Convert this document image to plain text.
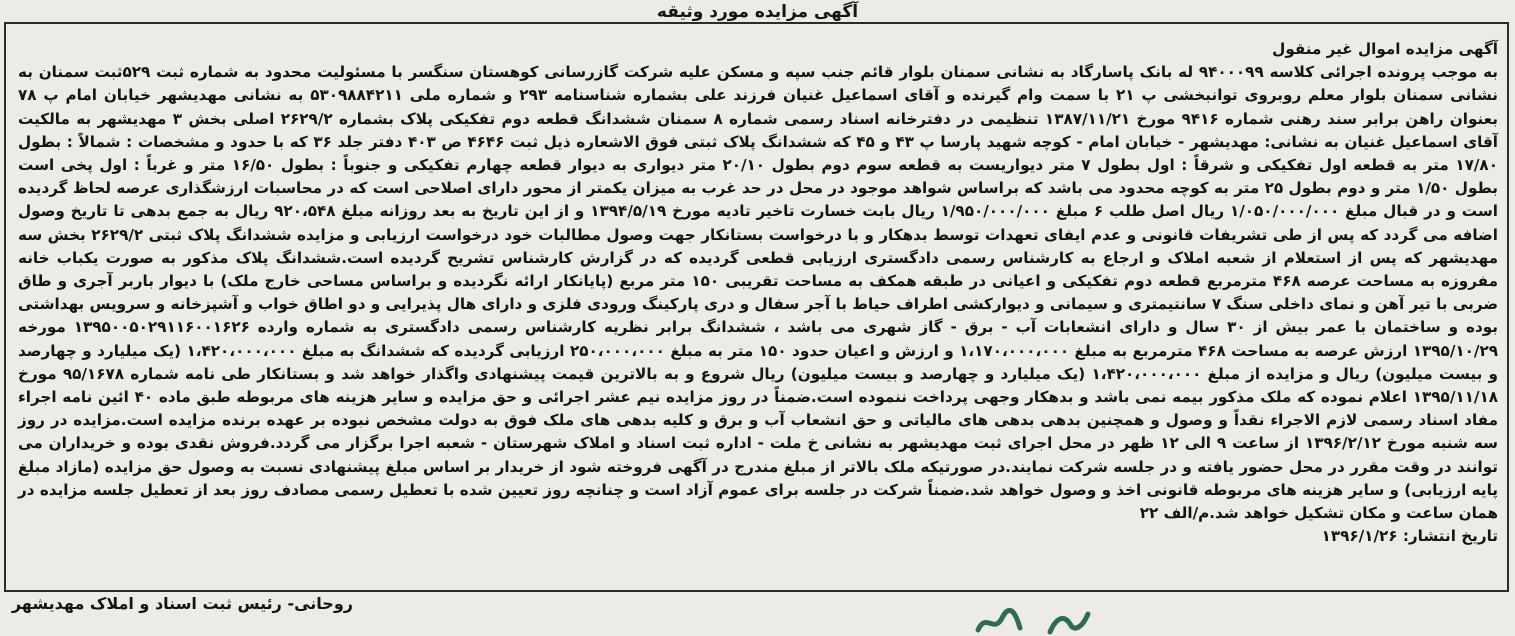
آگهی مزایده مورد وثیقه

آگهی مزایده اموال غیر منقول

به موجب پرونده اجرائی کلاسه ۹۴۰۰۰۹۹ له بانک پاسارگاد به نشانی سمنان بلوار قائم جنب سپه و مسکن علیه شرکت گازرسانی کوهستان سنگسر با مسئولیت محدود به شماره ثبت ۵۲۹ثبت سمنان به نشانی سمنان بلوار معلم روبروی توانبخشی پ ۲۱ با سمت وام گیرنده و آقای اسماعیل غنیان فرزند علی بشماره شناسنامه ۲۹۳ و شماره ملی ۵۳۰۹۸۸۴۲۱۱ به نشانی مهدیشهر خیابان امام پ ۷۸ بعنوان راهن برابر سند رهنی شماره ۹۴۱۶ مورخ ۱۳۸۷/۱۱/۲۱ تنظیمی در دفترخانه اسناد رسمی شماره ۸ سمنان ششدانگ قطعه دوم تفکیکی پلاک بشماره ۲۶۲۹/۲ اصلی بخش ۳ مهدیشهر به مالکیت آقای اسماعیل غنیان به نشانی: مهدیشهر - خیابان امام - کوچه شهید پارسا پ ۴۳ و ۴۵ که ششدانگ پلاک ثبتی فوق الاشعاره ذیل ثبت ۴۶۴۶ ص ۴۰۳ دفتر جلد ۳۶ که با حدود و مشخصات : شمالاً : بطول ۱۷/۸۰ متر به قطعه اول تفکیکی و شرقاً : اول بطول ۷ متر دیواریست به قطعه سوم دوم بطول ۲۰/۱۰ متر دیواری به دیوار قطعه چهارم تفکیکی و جنوباً : بطول ۱۶/۵۰ متر و غرباً : اول پخی است بطول ۱/۵۰ متر و دوم بطول ۲۵ متر به کوچه محدود می باشد که براساس شواهد موجود در محل در حد غرب به میزان یکمتر از محور دارای اصلاحی است که در محاسبات ارزشگذاری عرصه لحاظ گردیده است و در قبال مبلغ ۱/۰۵۰/۰۰۰/۰۰۰ ریال اصل طلب ۶ مبلغ ۱/۹۵۰/۰۰۰/۰۰۰ ریال بابت خسارت تاخیر تادیه مورخ ۱۳۹۴/۵/۱۹ و از این تاریخ به بعد روزانه مبلغ ۹۲۰،۵۴۸ ریال به جمع بدهی تا تاریخ وصول اضافه می گردد که پس از طی تشریفات قانونی و عدم ایفای تعهدات توسط بدهکار و با درخواست بستانکار جهت وصول مطالبات خود درخواست ارزیابی و مزایده ششدانگ پلاک ثبتی ۲۶۲۹/۲ بخش سه مهدیشهر که پس از استعلام از شعبه املاک و ارجاع به کارشناس رسمی دادگستری ارزیابی قطعی گردیده که در گزارش کارشناس تشریح گردیده است.ششدانگ پلاک مذکور به صورت یکباب خانه مفروزه به مساحت عرصه ۴۶۸ مترمربع قطعه دوم تفکیکی و اعیانی در طبقه همکف به مساحت تقریبی ۱۵۰ متر مربع (پایانکار ارائه نگردیده و براساس مساحی خارج ملک) با دیوار باربر آجری و طاق ضربی با تیر آهن و نمای داخلی سنگ ۷ سانتیمتری و سیمانی و دیوارکشی اطراف حیاط با آجر سفال و دری پارکینگ ورودی فلزی و دارای هال پذیرایی و دو اطاق خواب و آشپزخانه و سرویس بهداشتی بوده و ساختمان با عمر بیش از ۳۰ سال و دارای انشعابات آب - برق - گاز شهری می باشد ، ششدانگ برابر نظریه کارشناس رسمی دادگستری به شماره وارده ۱۳۹۵۰۰۵۰۲۹۱۱۶۰۰۱۶۲۶ مورخه ۱۳۹۵/۱۰/۲۹ ارزش عرصه به مساحت ۴۶۸ مترمربع به مبلغ ۱،۱۷۰،۰۰۰،۰۰۰ و ارزش و اعیان حدود ۱۵۰ متر به مبلغ ۲۵۰،۰۰۰،۰۰۰ ارزیابی گردیده که ششدانگ به مبلغ ۱،۴۲۰،۰۰۰،۰۰۰ (یک میلیارد و چهارصد و بیست میلیون) ریال و مزایده از مبلغ ۱،۴۲۰،۰۰۰،۰۰۰ (یک میلیارد و چهارصد و بیست میلیون) ریال شروع و به بالاترین قیمت پیشنهادی واگذار خواهد شد و بستانکار طی نامه شماره ۹۵/۱۶۷۸ مورخ ۱۳۹۵/۱۱/۱۸ اعلام نموده که ملک مذکور بیمه نمی باشد و بدهکار وجهی پرداخت ننموده است.ضمناً در روز مزایده نیم عشر اجرائی و حق مزایده و سایر هزینه های مربوطه طبق ماده ۴۰ ائین نامه اجراء مفاد اسناد رسمی لازم الاجراء نقداً و وصول و همچنین بدهی بدهی های مالیاتی و حق انشعاب آب و برق و کلیه بدهی های ملک فوق به دولت مشخص نبوده بر عهده برنده مزایده است.مزایده در روز سه شنبه مورخ ۱۳۹۶/۲/۱۲ از ساعت ۹ الی ۱۲ ظهر در محل اجرای ثبت مهدیشهر به نشانی خ ملت - اداره ثبت اسناد و املاک شهرستان - شعبه اجرا برگزار می گردد.فروش نقدی بوده و خریداران می توانند در وقت مقرر در محل حضور یافته و در جلسه شرکت نمایند.در صورتیکه ملک بالاتر از مبلغ مندرج در آگهی فروخته شود از خریدار بر اساس مبلغ پیشنهادی نسبت به وصول حق مزایده (مازاد مبلغ پایه ارزیابی) و سایر هزینه های مربوطه قانونی اخذ و وصول خواهد شد.ضمناً شرکت در جلسه برای عموم آزاد است و چنانچه روز تعیین شده با تعطیل رسمی مصادف روز بعد از تعطیل جلسه مزایده در همان ساعت و مکان تشکیل خواهد شد.م/الف ۲۲

تاریخ انتشار: ۱۳۹۶/۱/۲۶

روحانی- رئیس ثبت اسناد و املاک مهدیشهر
